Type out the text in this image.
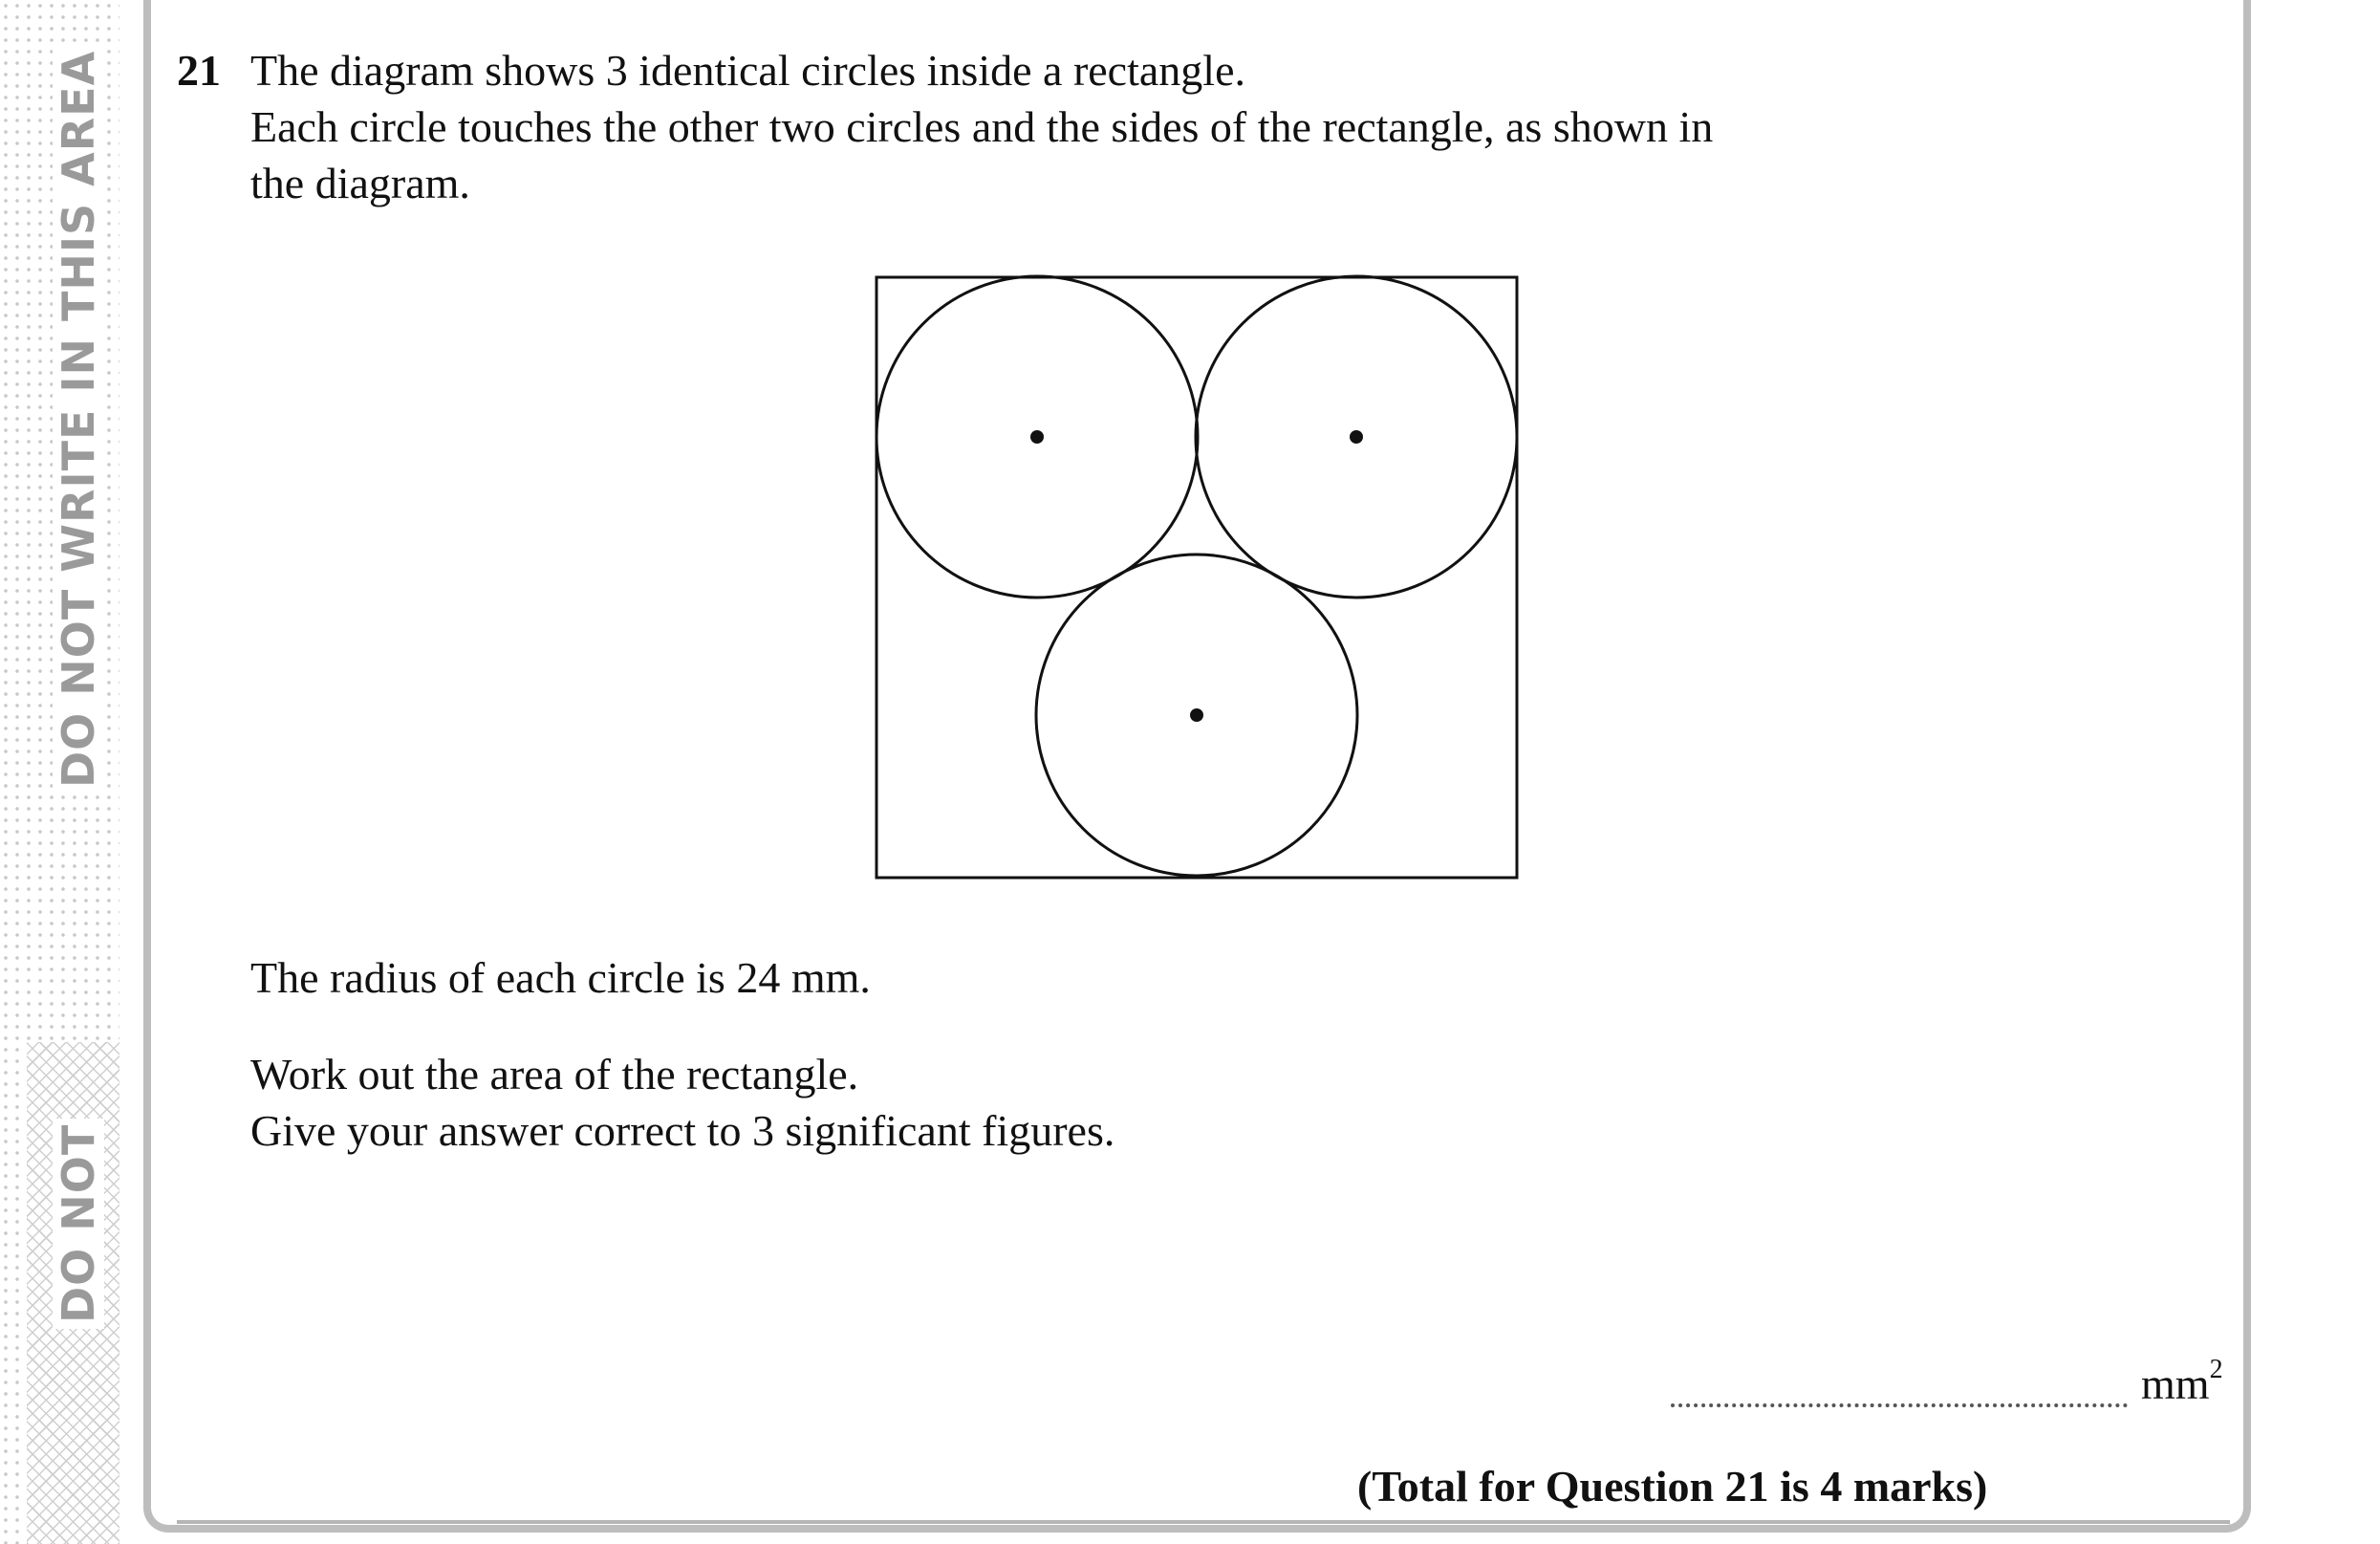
DO NOT WRITE IN THIS AREA
DO NOT
21 The diagram shows 3 identical circles inside a rectangle.
Each circle touches the other two circles and the sides of the rectangle, as shown in
the diagram.
The radius of each circle is 24 mm.
Work out the area of the rectangle.
Give your answer correct to 3 significant figures.
$mm^2$
(Total for Question 21 is 4 marks)
